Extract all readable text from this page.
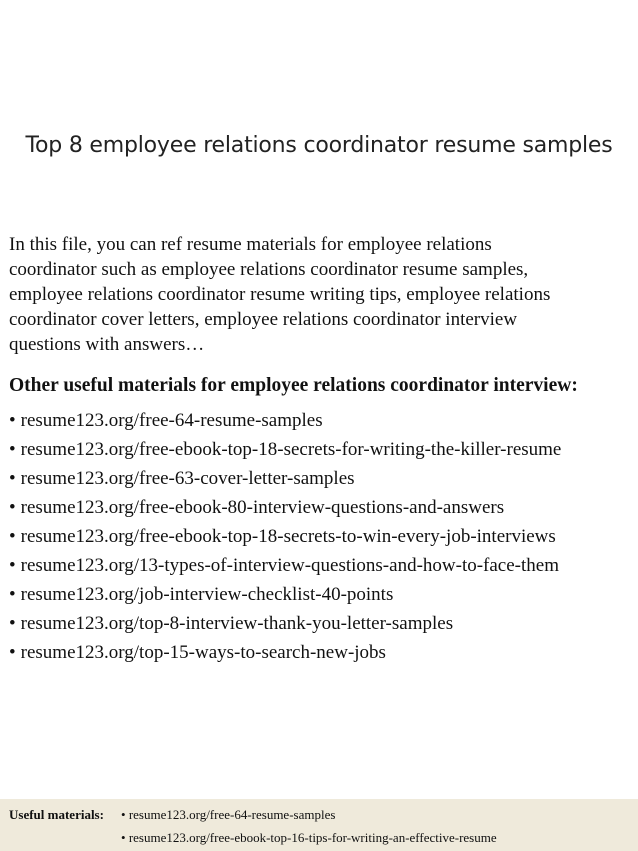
Top 8 employee relations coordinator resume samples

In this file, you can ref resume materials for employee relations
coordinator such as employee relations coordinator resume samples,
employee relations coordinator resume writing tips, employee relations
coordinator cover letters, employee relations coordinator interview
questions with answers…

Other useful materials for employee relations coordinator interview:

• resume123.org/free-64-resume-samples
• resume123.org/free-ebook-top-18-secrets-for-writing-the-killer-resume
• resume123.org/free-63-cover-letter-samples
• resume123.org/free-ebook-80-interview-questions-and-answers
• resume123.org/free-ebook-top-18-secrets-to-win-every-job-interviews
• resume123.org/13-types-of-interview-questions-and-how-to-face-them
• resume123.org/job-interview-checklist-40-points
• resume123.org/top-8-interview-thank-you-letter-samples
• resume123.org/top-15-ways-to-search-new-jobs
Useful materials: • resume123.org/free-64-resume-samples
• resume123.org/free-ebook-top-16-tips-for-writing-an-effective-resume
